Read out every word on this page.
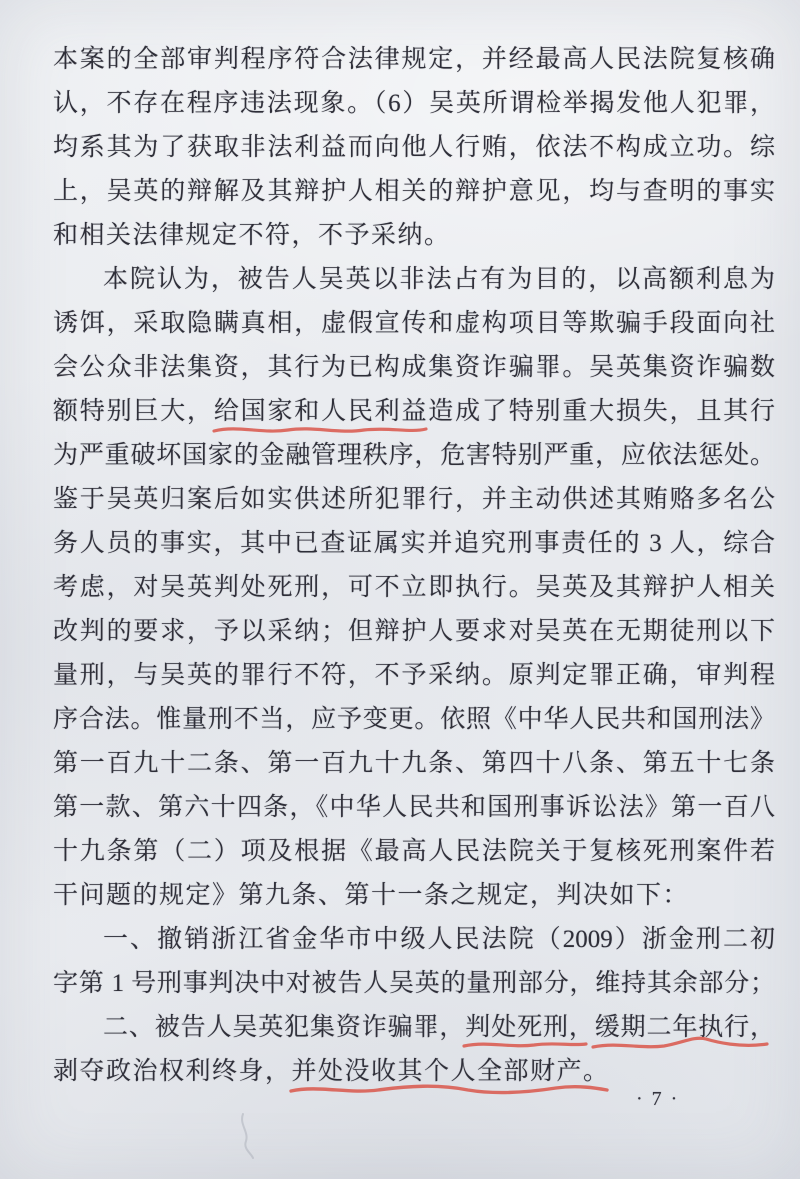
本案的全部审判程序符合法律规定，并经最高人民法院复核确
认，不存在程序违法现象。（6）吴英所谓检举揭发他人犯罪，
均系其为了获取非法利益而向他人行贿，依法不构成立功。综
上，吴英的辩解及其辩护人相关的辩护意见，均与查明的事实
和相关法律规定不符，不予采纳。
本院认为，被告人吴英以非法占有为目的，以高额利息为
诱饵，采取隐瞒真相，虚假宣传和虚构项目等欺骗手段面向社
会公众非法集资，其行为已构成集资诈骗罪。吴英集资诈骗数
额特别巨大，给国家和人民利益造成了特别重大损失，且其行
为严重破坏国家的金融管理秩序，危害特别严重，应依法惩处。
鉴于吴英归案后如实供述所犯罪行，并主动供述其贿赂多名公
务人员的事实，其中已查证属实并追究刑事责任的 3 人，综合
考虑，对吴英判处死刑，可不立即执行。吴英及其辩护人相关
改判的要求，予以采纳；但辩护人要求对吴英在无期徒刑以下
量刑，与吴英的罪行不符，不予采纳。原判定罪正确，审判程
序合法。惟量刑不当，应予变更。依照《中华人民共和国刑法》
第一百九十二条、第一百九十九条、第四十八条、第五十七条
第一款、第六十四条，《中华人民共和国刑事诉讼法》第一百八
十九条第（二）项及根据《最高人民法院关于复核死刑案件若
干问题的规定》第九条、第十一条之规定，判决如下：
一、撤销浙江省金华市中级人民法院（2009）浙金刑二初
字第 1 号刑事判决中对被告人吴英的量刑部分，维持其余部分；
二、被告人吴英犯集资诈骗罪，判处死刑，缓期二年执行，
剥夺政治权利终身，并处没收其个人全部财产。
· 7 ·
